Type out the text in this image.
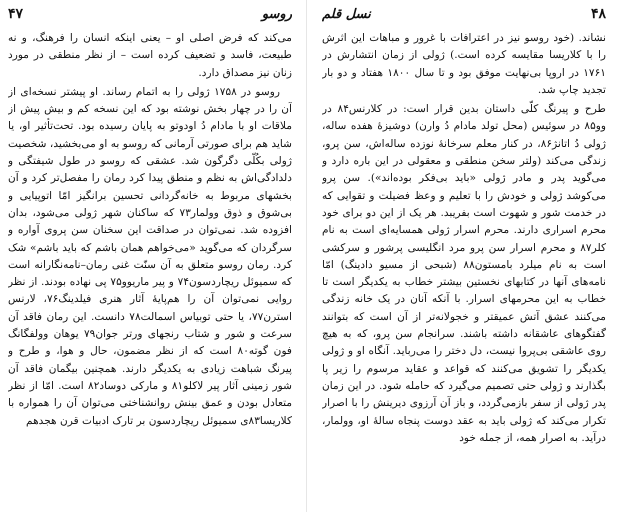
روسو
۴۷

می‌کند که فرض اصلی او – یعنی اینکه انسان را فرهنگ، و نه طبیعت، فاسد و تضعیف کرده است – از نظر منطقی در مورد زنان نیز مصداق دارد.

روسو در ۱۷۵۸ ژولی را به اتمام رساند. او پیشتر نسخه‌ای از آن را در چهار بخش نوشته بود که این نسخه کم و بیش پیش از ملاقات او با مادام دُ اودوتو به پایان رسیده بود. تحت‌تأثیر او، یا شاید هم برای صورتی آرمانی که روسو به او می‌بخشید، شخصیت ژولی بکُلّی دگرگون شد. عشقی که روسو در طول شیفتگی و دلدادگی‌اش به نظم و منطق پیدا کرد رمان را مفصل‌تر کرد و آن بخشهای مربوط به خانه‌گردانی تحسین برانگیز امّا اتوپیایی و بی‌شوق و ذوق وولمار۷۳ که ساکنان شهر ژولی می‌شود، بدان افزوده شد. نمی‌توان در صداقت این سخنان سن پروی آواره و سرگردان که می‌گوید «می‌خواهم همان باشم که باید باشم» شک کرد. رمان روسو متعلق به آن سنّت غنی رمان–نامه‌نگارانه است که سمیوئل ریچاردسون۷۴ و پیر ماریوو۷۵ پی نهاده بودند. از نظر روایی نمی‌توان آن را هم‌پایهٔ آثار هنری فیلدینگ۷۶، لارنس استرن۷۷، یا حتی توبیاس اسمالت۷۸ دانست. این رمان فاقد آن سرعت و شور و شتاب رنجهای ورتر جوان۷۹ یوهان وولفگانگ فون گوته۸۰ است که از نظر مضمون، حال و هوا، و طرح و پیرنگ شباهت زیادی به یکدیگر دارند. همچنین بیگمان فاقد آن شور زمینی آثار پیر لاکلو۸۱ و مارکی دوساد۸۲ است. امّا از نظر متعادل بودن و عمق بینش روانشناختی می‌توان آن را همواره با کلاریسا۸۳ی سمیوئل ریچاردسون بر تارک ادبیات قرن هجدهم

۴۸
نسل قلم

نشاند. (خود روسو نیز در اعترافات با غرور و مباهات این اثرش را با کلاریسا مقایسه کرده است.) ژولی از زمان انتشارش در ۱۷۶۱ در اروپا بی‌نهایت موفق بود و تا سال ۱۸۰۰ هفتاد و دو بار تجدید چاپ شد.

طرح و پیرنگ کلّی داستان بدین قرار است: در کلارنس۸۴ در وو۸۵ در سوئیس (محل تولد مادام دُ وارن) دوشیزهٔ هفده ساله، ژولی دُ اتانژ۸۶، در کنار معلم سرخانهٔ نوزده ساله‌اش، سن پرو، زندگی می‌کند (ولتر سخن منطقی و معقولی در این باره دارد و می‌گوید پدر و مادر ژولی «باید بی‌فکر بوده‌اند»). سن پرو می‌کوشد ژولی و خودش را با تعلیم و وعظ فضیلت و تقوایی که در خدمت شور و شهوت است بفریبد. هر یک از این دو برای خود محرم اسراری دارند. محرم اسرار ژولی همسایه‌ای است به نام کلر۸۷ و محرم اسرار سن پرو مرد انگلیسی پرشور و سرکشی است به نام میلرد بامستون۸۸ (شبحی از مسیو دادینگ) امّا نامه‌های آنها در کتابهای نخستین بیشتر خطاب به یکدیگر است تا خطاب به این محرمهای اسرار. با آنکه آنان در یک خانه زندگی می‌کنند عشق آتش عمیقتر و خجولانه‌تر از آن است که بتوانند گفتگوهای عاشقانه داشته باشند. سرانجام سن پرو، که به هیچ روی عاشقی بی‌پروا نیست، دل دختر را می‌رباید. آنگاه او و ژولی یکدیگر را تشویق می‌کنند که قواعد و عقاید مرسوم را زیر پا بگذارند و ژولی حتی تصمیم می‌گیرد که حامله شود. در این زمان پدر ژولی از سفر بازمی‌گردد، و باز آن آرزوی دیرینش را با اصرار تکرار می‌کند که ژولی باید به عقد دوست پنجاه سالهٔ او، وولمار، درآید. به اصرار همه، از جمله خود
